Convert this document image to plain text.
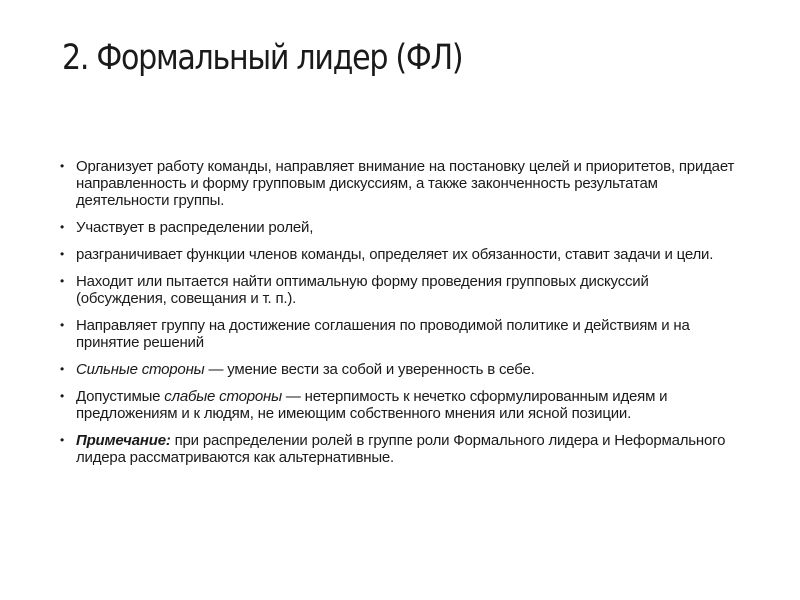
2. Формальный лидер (ФЛ)
• Организует работу команды, направляет внимание на постановку целей и приоритетов, придает направленность и форму групповым дискуссиям, а также законченность результатам деятельности группы.
• Участвует в распределении ролей,
• разграничивает функции членов команды, определяет их обязанности, ставит задачи и цели.
• Находит или пытается найти оптимальную форму проведения групповых дискуссий (обсуждения, совещания и т. п.).
• Направляет группу на достижение соглашения по проводимой политике и действиям и на принятие решений
• Сильные стороны — умение вести за собой и уверенность в себе.
• Допустимые слабые стороны — нетерпимость к нечетко сформулированным идеям и предложениям и к людям, не имеющим собственного мнения или ясной позиции.
• Примечание: при распределении ролей в группе роли Формального лидера и Неформального лидера рассматриваются как альтернативные.
